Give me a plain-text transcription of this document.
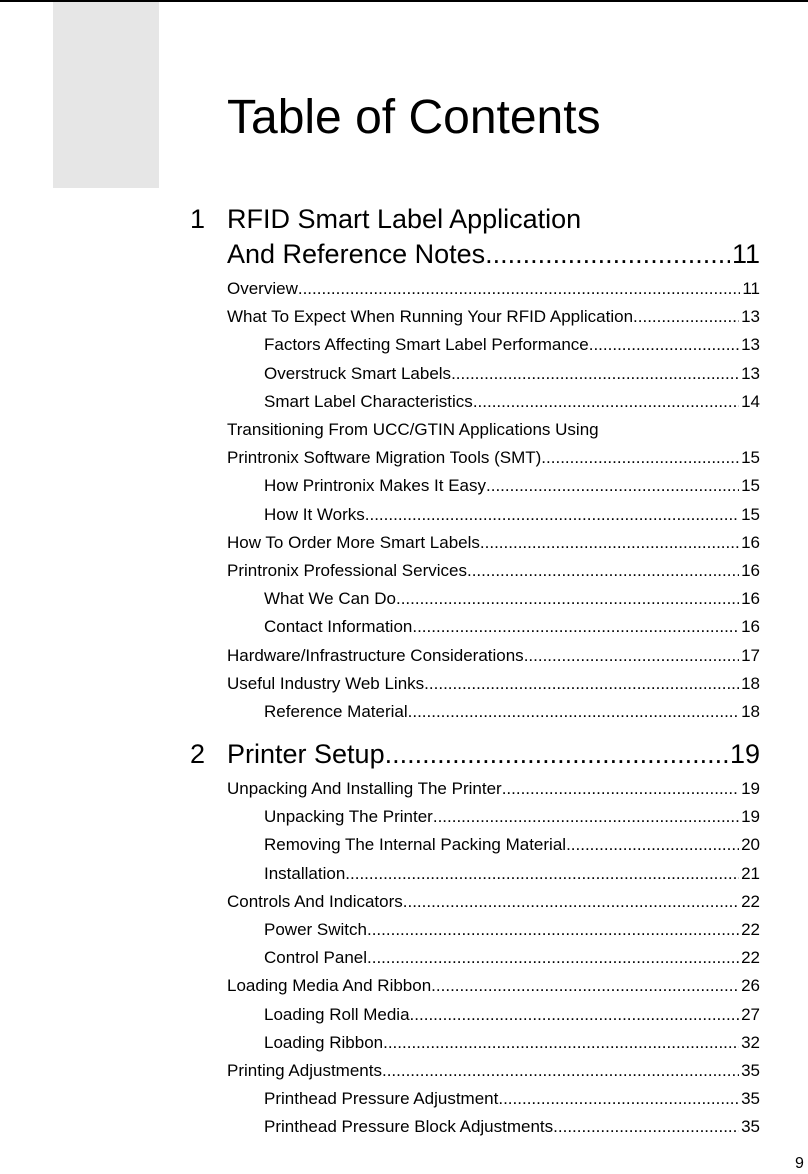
Table of Contents
1 RFID Smart Label Application
And Reference Notes .....	11
Overview .....	11
What To Expect When Running Your RFID Application .....	13
Factors Affecting Smart Label Performance .....	13
Overstruck Smart Labels .....	13
Smart Label Characteristics .....	14
Transitioning From UCC/GTIN Applications Using
Printronix Software Migration Tools (SMT) .....	15
How Printronix Makes It Easy .....	15
How It Works .....	15
How To Order More Smart Labels .....	16
Printronix Professional Services .....	16
What We Can Do .....	16
Contact Information .....	16
Hardware/Infrastructure Considerations .....	17
Useful Industry Web Links .....	18
Reference Material .....	18
2 Printer Setup .....	19
Unpacking And Installing The Printer .....	19
Unpacking The Printer .....	19
Removing The Internal Packing Material .....	20
Installation .....	21
Controls And Indicators .....	22
Power Switch .....	22
Control Panel .....	22
Loading Media And Ribbon .....	26
Loading Roll Media .....	27
Loading Ribbon .....	32
Printing Adjustments .....	35
Printhead Pressure Adjustment .....	35
Printhead Pressure Block Adjustments .....	35
9
